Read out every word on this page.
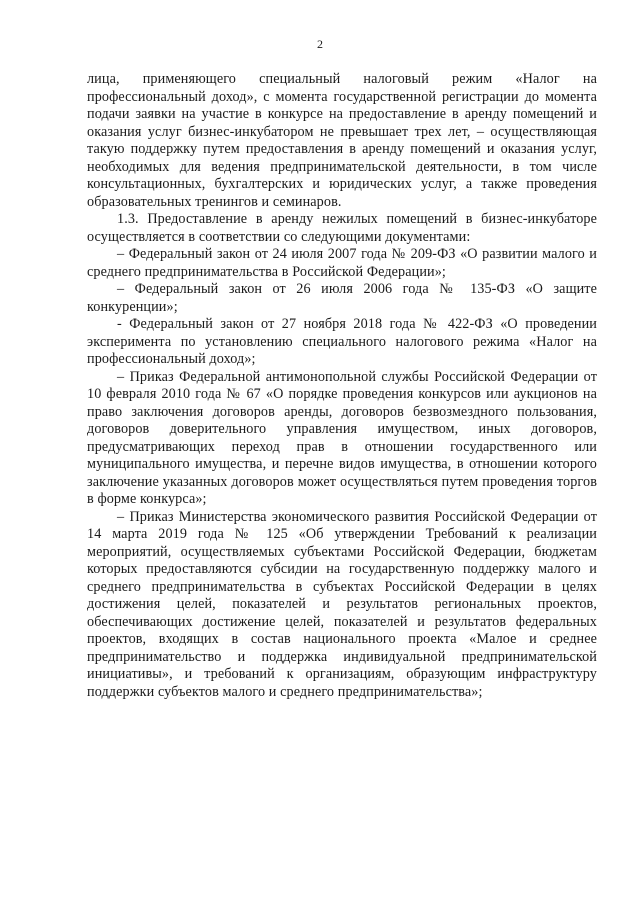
2

лица, применяющего специальный налоговый режим «Налог на профессиональный доход», с момента государственной регистрации до момента подачи заявки на участие в конкурсе на предоставление в аренду помещений и оказания услуг бизнес-инкубатором не превышает трех лет, – осуществляющая такую поддержку путем предоставления в аренду помещений и оказания услуг, необходимых для ведения предпринимательской деятельности, в том числе консультационных, бухгалтерских и юридических услуг, а также проведения образовательных тренингов и семинаров.

1.3. Предоставление в аренду нежилых помещений в бизнес-инкубаторе осуществляется в соответствии со следующими документами:

– Федеральный закон от 24 июля 2007 года № 209-ФЗ «О развитии малого и среднего предпринимательства в Российской Федерации»;

– Федеральный закон от 26 июля 2006 года № 135-ФЗ «О защите конкуренции»;

- Федеральный закон от 27 ноября 2018 года № 422-ФЗ «О проведении эксперимента по установлению специального налогового режима «Налог на профессиональный доход»;

– Приказ Федеральной антимонопольной службы Российской Федерации от 10 февраля 2010 года № 67 «О порядке проведения конкурсов или аукционов на право заключения договоров аренды, договоров безвозмездного пользования, договоров доверительного управления имуществом, иных договоров, предусматривающих переход прав в отношении государственного или муниципального имущества, и перечне видов имущества, в отношении которого заключение указанных договоров может осуществляться путем проведения торгов в форме конкурса»;

– Приказ Министерства экономического развития Российской Федерации от 14 марта 2019 года № 125 «Об утверждении Требований к реализации мероприятий, осуществляемых субъектами Российской Федерации, бюджетам которых предоставляются субсидии на государственную поддержку малого и среднего предпринимательства в субъектах Российской Федерации в целях достижения целей, показателей и результатов региональных проектов, обеспечивающих достижение целей, показателей и результатов федеральных проектов, входящих в состав национального проекта «Малое и среднее предпринимательство и поддержка индивидуальной предпринимательской инициативы», и требований к организациям, образующим инфраструктуру поддержки субъектов малого и среднего предпринимательства»;
